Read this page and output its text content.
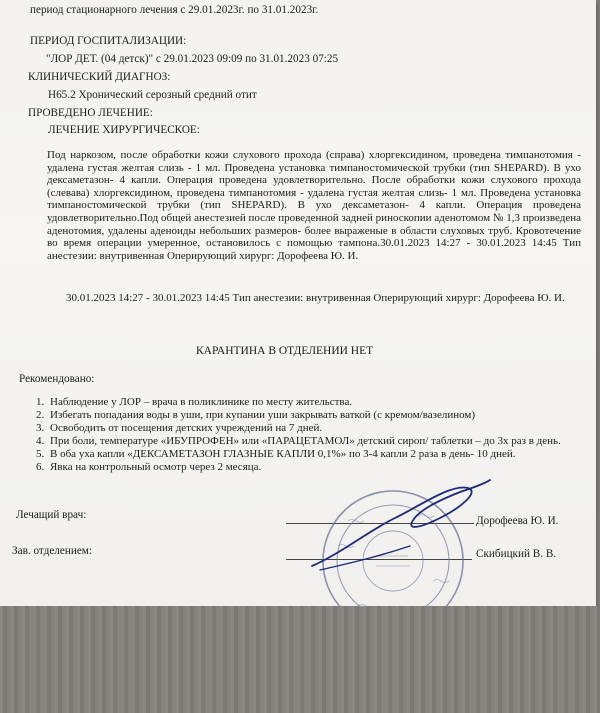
период стационарного лечения с 29.01.2023г. по 31.01.2023г.
ПЕРИОД ГОСПИТАЛИЗАЦИИ:
"ЛОР ДЕТ. (04 детск)" с 29.01.2023 09:09 по 31.01.2023 07:25
КЛИНИЧЕСКИЙ ДИАГНОЗ:
Н65.2 Хронический серозный средний отит
ПРОВЕДЕНО ЛЕЧЕНИЕ:
ЛЕЧЕНИЕ ХИРУРГИЧЕСКОЕ:
Под наркозом, после обработки кожи слухового прохода (справа) хлоргексидином, проведена тимпанотомия - удалена густая желтая слизь - 1 мл. Проведена установка тимпаностомической трубки (тип SHEPARD). В ухо дексаметазон- 4 капли. Операция проведена удовлетворительно. После обработки кожи слухового прохода (слевава) хлоргексидином, проведена тимпанотомия - удалена густая желтая слизь- 1 мл. Проведена установка тимпаностомической трубки (тип SHEPARD). В ухо дексаметазон- 4 капли. Операция проведена удовлетворительно.Под общей анестезией после проведенной задней риноскопии аденотомом № 1,3 произведена аденотомия, удалены аденоиды небольших размеров- более выраженые в области слуховых труб. Кровотечение во время операции умеренное, остановилось с помощью тампона.30.01.2023 14:27 - 30.01.2023 14:45 Тип анестезии: внутривенная Оперирующий хирург: Дорофеева Ю. И.
30.01.2023 14:27 - 30.01.2023 14:45 Тип анестезии: внутривенная Оперирующий хирург: Дорофеева Ю. И.
КАРАНТИНА В ОТДЕЛЕНИИ НЕТ
Рекомендовано:
1. Наблюдение у ЛОР – врача в поликлинике по месту жительства.
2. Избегать попадания воды в уши, при купании уши закрывать ваткой (с кремом/вазелином)
3. Освободить от посещения детских учреждений на 7 дней.
4. При боли, температуре «ИБУПРОФЕН» или «ПАРАЦЕТАМОЛ» детский сироп/ таблетки – до 3х раз в день.
5. В оба уха капли «ДЕКСАМЕТАЗОН ГЛАЗНЫЕ КАПЛИ 0,1%» по 3-4 капли 2 раза в день- 10 дней.
6. Явка на контрольный осмотр через 2 месяца.
Лечащий врач:	Дорофеева Ю. И.
Зав. отделением:	Скибицкий В. В.
